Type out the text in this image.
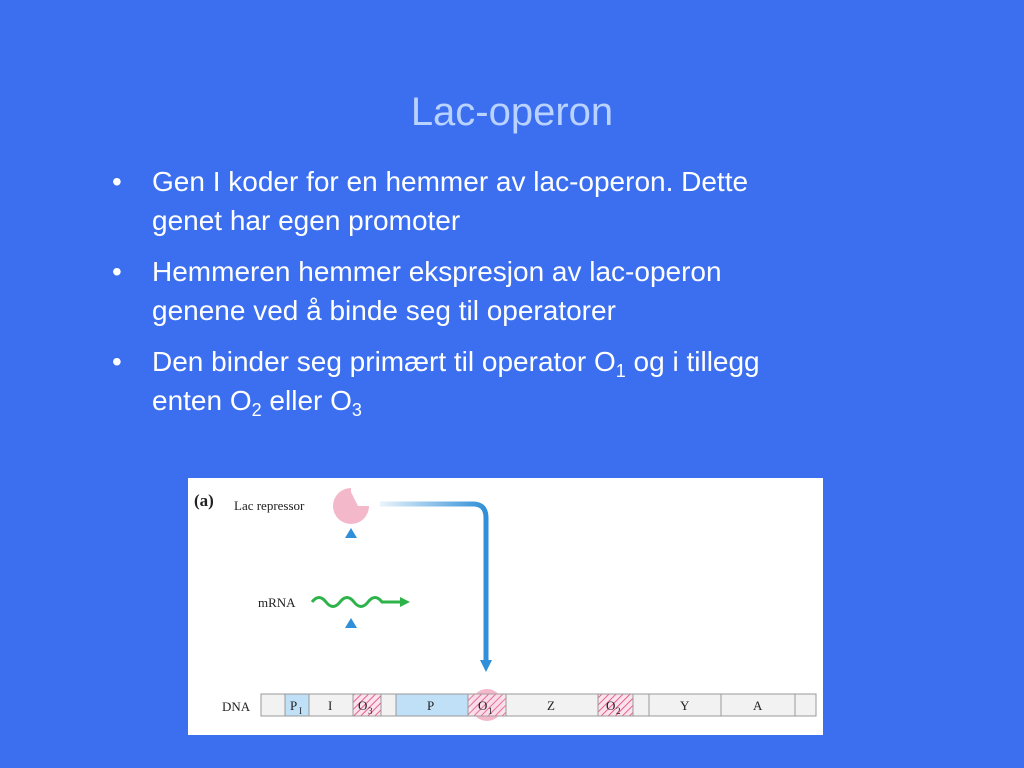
Lac-operon
• Gen I koder for en hemmer av lac-operon. Dette
genet har egen promoter
• Hemmeren hemmer ekspresjon av lac-operon
genene ved å binde seg til operatorer
• Den binder seg primært til operator $O_1$ og i tillegg
enten $O_2$ eller $O_3$
(a) Lac repressor
mRNA
DNA	P I I O 3	P	O 1	Z	O 2	Y	A
